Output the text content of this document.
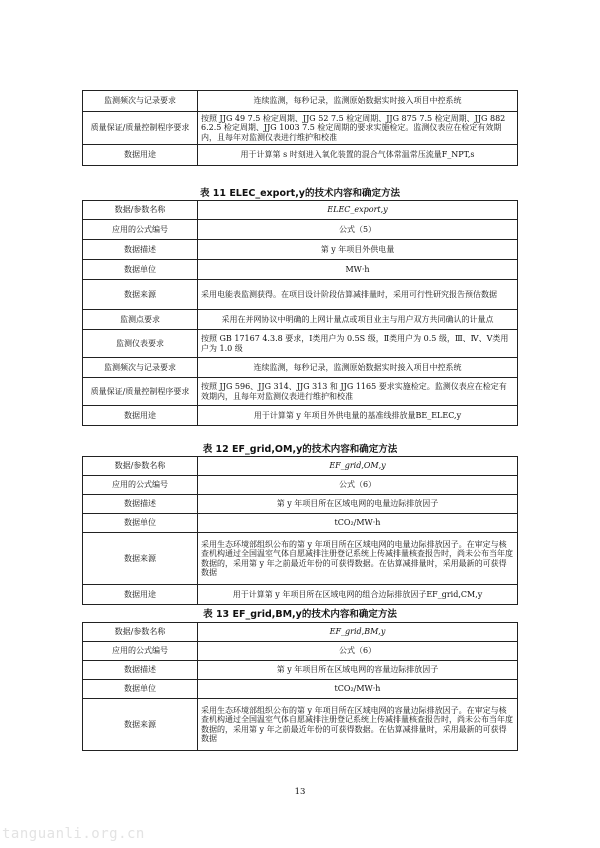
监测频次与记录要求	连续监测，每秒记录，监测原始数据实时接入项目中控系统
质量保证/质量控制程序要求	按照 JJG 49 7.5 检定周期、JJG 52 7.5 检定周期、JJG 875 7.5 检定周期、JJG 882 6.2.5 检定周期、JJG 1003 7.5 检定周期的要求实施检定。监测仪表应在检定有效期内，且每年对监测仪表进行维护和校准
数据用途	用于计算第 s 时刻进入氧化装置的混合气体常温常压流量F_NPT,s
表 11 ELEC_export,y的技术内容和确定方法
数据/参数名称	ELEC_export,y
应用的公式编号	公式（5）
数据描述	第 y 年项目外供电量
数据单位	MW·h
数据来源	采用电能表监测获得。在项目设计阶段估算减排量时，采用可行性研究报告预估数据
监测点要求	采用在并网协议中明确的上网计量点或项目业主与用户双方共同确认的计量点
监测仪表要求	按照 GB 17167 4.3.8 要求，Ⅰ类用户为 0.5S 级，Ⅱ类用户为 0.5 级，Ⅲ、Ⅳ、Ⅴ类用户为 1.0 级
监测频次与记录要求	连续监测，每秒记录，监测原始数据实时接入项目中控系统
质量保证/质量控制程序要求	按照 JJG 596、JJG 314、JJG 313 和 JJG 1165 要求实施检定。监测仪表应在检定有效期内，且每年对监测仪表进行维护和校准
数据用途	用于计算第 y 年项目外供电量的基准线排放量BE_ELEC,y
表 12 EF_grid,OM,y的技术内容和确定方法
数据/参数名称	EF_grid,OM,y
应用的公式编号	公式（6）
数据描述	第 y 年项目所在区域电网的电量边际排放因子
数据单位	tCO₂/MW·h
数据来源	采用生态环境部组织公布的第 y 年项目所在区域电网的电量边际排放因子。在审定与核查机构通过全国温室气体自愿减排注册登记系统上传减排量核查报告时，尚未公布当年度数据的，采用第 y 年之前最近年份的可获得数据。在估算减排量时，采用最新的可获得数据
数据用途	用于计算第 y 年项目所在区域电网的组合边际排放因子EF_grid,CM,y
表 13 EF_grid,BM,y的技术内容和确定方法
数据/参数名称	EF_grid,BM,y
应用的公式编号	公式（6）
数据描述	第 y 年项目所在区域电网的容量边际排放因子
数据单位	tCO₂/MW·h
数据来源	采用生态环境部组织公布的第 y 年项目所在区域电网的容量边际排放因子。在审定与核查机构通过全国温室气体自愿减排注册登记系统上传减排量核查报告时，尚未公布当年度数据的，采用第 y 年之前最近年份的可获得数据。在估算减排量时，采用最新的可获得数据
13
tanguanli.org.cn
